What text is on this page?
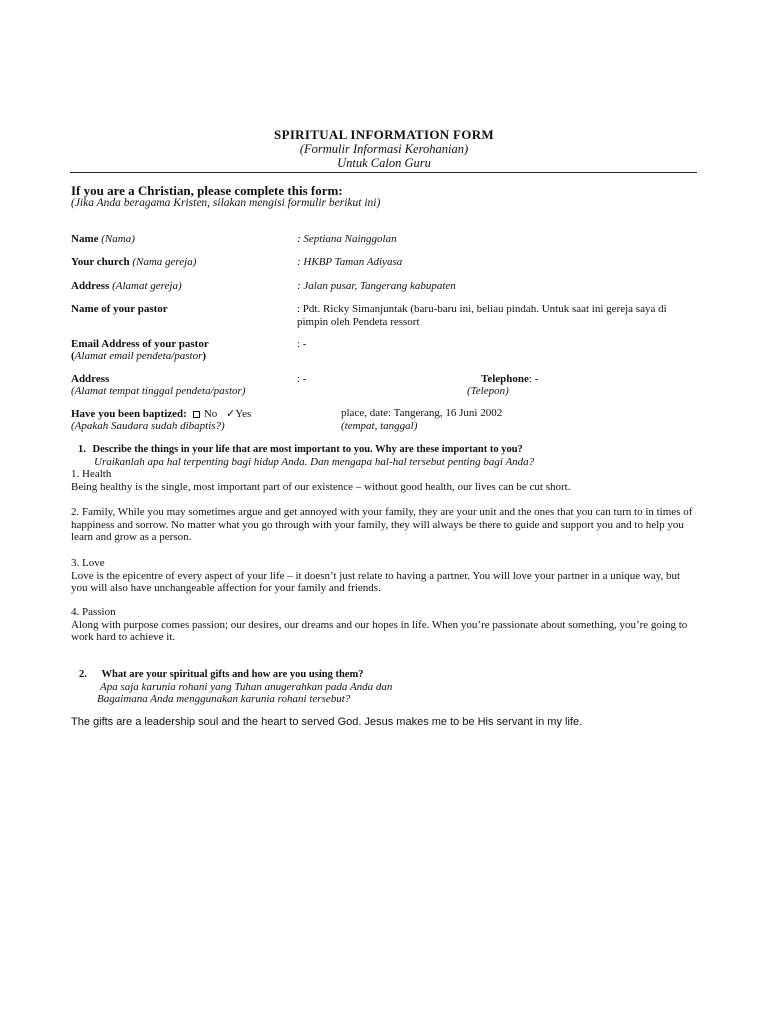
SPIRITUAL INFORMATION FORM
(Formulir Informasi Kerohanian)
Untuk Calon Guru
If you are a Christian, please complete this form:
(Jika Anda beragama Kristen, silakan mengisi formulir berikut ini)
Name (Nama)	: Septiana Nainggolan
Your church (Nama gereja)	: HKBP Taman Adiyasa
Address (Alamat gereja)	: Jalan pusar, Tangerang kabupaten
Name of your pastor	: Pdt. Ricky Simanjuntak (baru-baru ini, beliau pindah. Untuk saat ini gereja saya di pimpin oleh Pendeta ressort
Email Address of your pastor
(Alamat email pendeta/pastor)
: -
Address
(Alamat tempat tinggal pendeta/pastor)
: -	Telephone: -
(Telepon)
Have you been baptized: No ✓Yes
(Apakah Saudara sudah dibaptis?)
place, date: Tangerang, 16 Juni 2002
(tempat, tanggal)
1. Describe the things in your life that are most important to you. Why are these important to you?
Uraikanlah apa hal terpenting bagi hidup Anda. Dan mengapa hal-hal tersebut penting bagi Anda?
1. Health
Being healthy is the single, most important part of our existence – without good health, our lives can be cut short.
2. Family, While you may sometimes argue and get annoyed with your family, they are your unit and the ones that you can turn to in times of happiness and sorrow. No matter what you go through with your family, they will always be there to guide and support you and to help you learn and grow as a person.
3. Love
Love is the epicentre of every aspect of your life – it doesn’t just relate to having a partner. You will love your partner in a unique way, but you will also have unchangeable affection for your family and friends.
4. Passion
Along with purpose comes passion; our desires, our dreams and our hopes in life. When you’re passionate about something, you’re going to work hard to achieve it.
2. What are your spiritual gifts and how are you using them?
Apa saja karunia rohani yang Tuhan anugerahkan pada Anda dan
Bagaimana Anda menggunakan karunia rohani tersebut?
The gifts are a leadership soul and the heart to served God. Jesus makes me to be His servant in my life.
